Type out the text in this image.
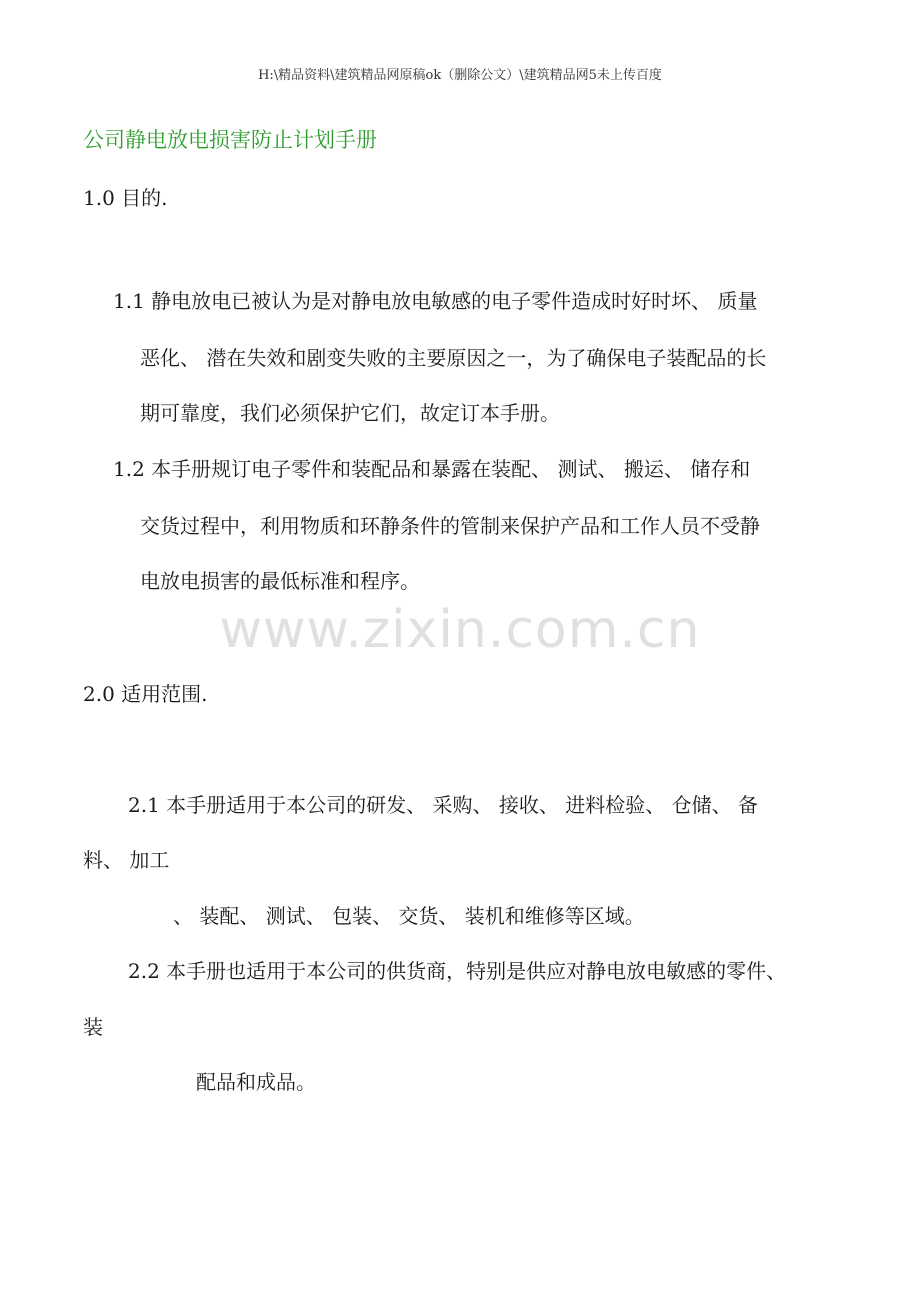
H:\精品资料\建筑精品网原稿ok（删除公文）\建筑精品网5未上传百度
公司静电放电损害防止计划手册
1.0 目的.
1.1 静电放电已被认为是对静电放电敏感的电子零件造成时好时坏、 质量
恶化、 潜在失效和剧变失败的主要原因之一，为了确保电子装配品的长
期可靠度，我们必须保护它们，故定订本手册。
1.2 本手册规订电子零件和装配品和暴露在装配、 测试、 搬运、 储存和
交货过程中，利用物质和环静条件的管制来保护产品和工作人员不受静
电放电损害的最低标准和程序。
www.zixin.com.cn
2.0 适用范围.
2.1 本手册适用于本公司的研发、 采购、 接收、 进料检验、 仓储、 备
料、 加工
、 装配、 测试、 包装、 交货、 装机和维修等区域。
2.2 本手册也适用于本公司的供货商，特别是供应对静电放电敏感的零件、
装
配品和成品。
